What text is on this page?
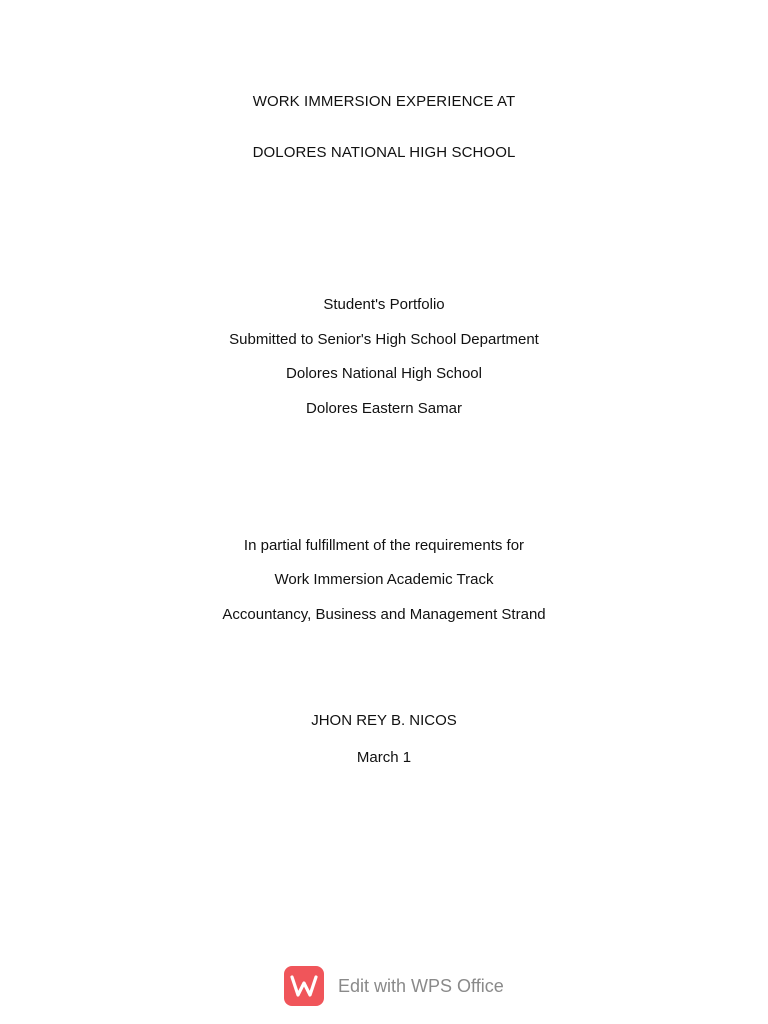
WORK IMMERSION EXPERIENCE AT
DOLORES NATIONAL HIGH SCHOOL
Student's Portfolio
Submitted to Senior's High School Department
Dolores National High School
Dolores Eastern Samar
In partial fulfillment of the requirements for
Work Immersion Academic Track
Accountancy, Business and Management Strand
JHON REY B. NICOS
March 1
Edit with WPS Office
